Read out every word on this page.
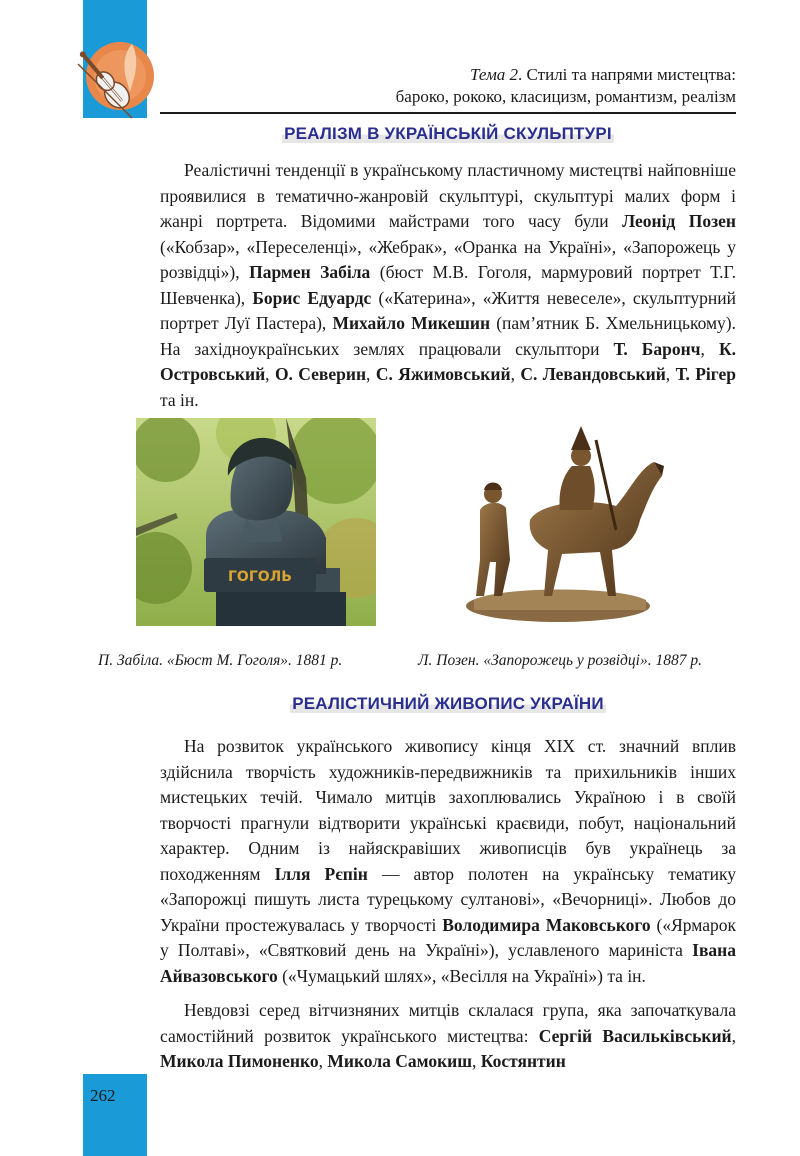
Тема 2. Стилі та напрями мистецтва:
бароко, рококо, класицизм, романтизм, реалізм
РЕАЛІЗМ В УКРАЇНСЬКІЙ СКУЛЬПТУРІ

Реалістичні тенденції в українському пластичному мистецтві найповніше проявилися в тематично-жанровій скульптурі, скульптурі малих форм і жанрі портрета. Відомими майстрами того часу були Леонід Позен («Кобзар», «Переселенці», «Жебрак», «Оранка на Україні», «Запорожець у розвідці»), Пармен Забіла (бюст М.В. Гоголя, мармуровий портрет Т.Г. Шевченка), Борис Едуардс («Катерина», «Життя невеселе», скульптурний портрет Луї Пастера), Михайло Микешин (пам’ятник Б. Хмельницькому). На західноукраїнських землях працювали скульптори Т. Баронч, К. Островський, О. Северин, С. Яжимовський, С. Левандовський, Т. Рігер та ін.

ГОГОЛЬ
П. Забіла. «Бюст М. Гоголя». 1881 р.	Л. Позен. «Запорожець у розвідці». 1887 р.
РЕАЛІСТИЧНИЙ ЖИВОПИС УКРАЇНИ

На розвиток українського живопису кінця XIX ст. значний вплив здійснила творчість художників-передвижників та прихильників інших мистецьких течій. Чимало митців захоплювались Україною і в своїй творчості прагнули відтворити українські краєвиди, побут, національний характер. Одним із найяскравіших живописців був українець за походженням Ілля Рєпін — автор полотен на українську тематику «Запорожці пишуть листа турецькому султанові», «Вечорниці». Любов до України простежувалась у творчості Володимира Маковського («Ярмарок у Полтаві», «Святковий день на Україні»), уславленого мариніста Івана Айвазовського («Чумацький шлях», «Весілля на Україні») та ін.

Невдовзі серед вітчизняних митців склалася група, яка започаткувала самостійний розвиток українського мистецтва: Сергій Васильківський, Микола Пимоненко, Микола Самокиш, Костянтин

262
